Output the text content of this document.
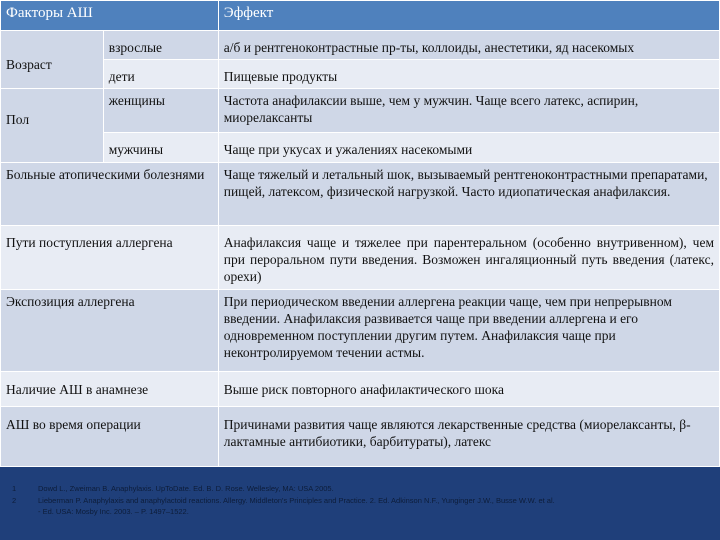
Факторы АШ		Эффект
Возраст	взрослые	а/б и рентгеноконтрастные пр-ты, коллоиды, анестетики, яд насекомых
	дети	Пищевые продукты
Пол	женщины	Частота анафилаксии выше, чем у мужчин. Чаще всего латекс, аспирин, миорелаксанты
	мужчины	Чаще при укусах и ужалениях насекомыми
Больные атопическими болезнями		Чаще тяжелый и летальный шок, вызываемый рентгеноконтрастными препаратами, пищей, латексом, физической нагрузкой. Часто идиопатическая анафилаксия.
Пути поступления аллергена		Анафилаксия чаще и тяжелее при парентеральном (особенно внутривенном), чем при пероральном пути введения. Возможен ингаляционный путь введения (латекс, орехи)
Экспозиция аллергена		При периодическом введении аллергена реакции чаще, чем при непрерывном введении. Анафилаксия развивается чаще при введении аллергена и его одновременном поступлении другим путем. Анафилаксия чаще при неконтролируемом течении астмы.
Наличие АШ в анамнезе		Выше риск повторного анафилактического шока
АШ во время операции		Причинами развития чаще являются лекарственные средства (миорелаксанты, β-лактамные антибиотики, барбитураты), латекс
1	Dowd L., Zweiman B. Anaphylaxis. UpToDate. Ed. B. D. Rose. Wellesley, MA: USA 2005.
2	Lieberman P. Anaphylaxis and anaphylactoid reactions. Allergy. Middleton's Principles and Practice. 2. Ed. Adkinson N.F., Yunginger J.W., Busse W.W. et al.
- Ed. USA: Mosby Inc. 2003. – P. 1497–1522.
